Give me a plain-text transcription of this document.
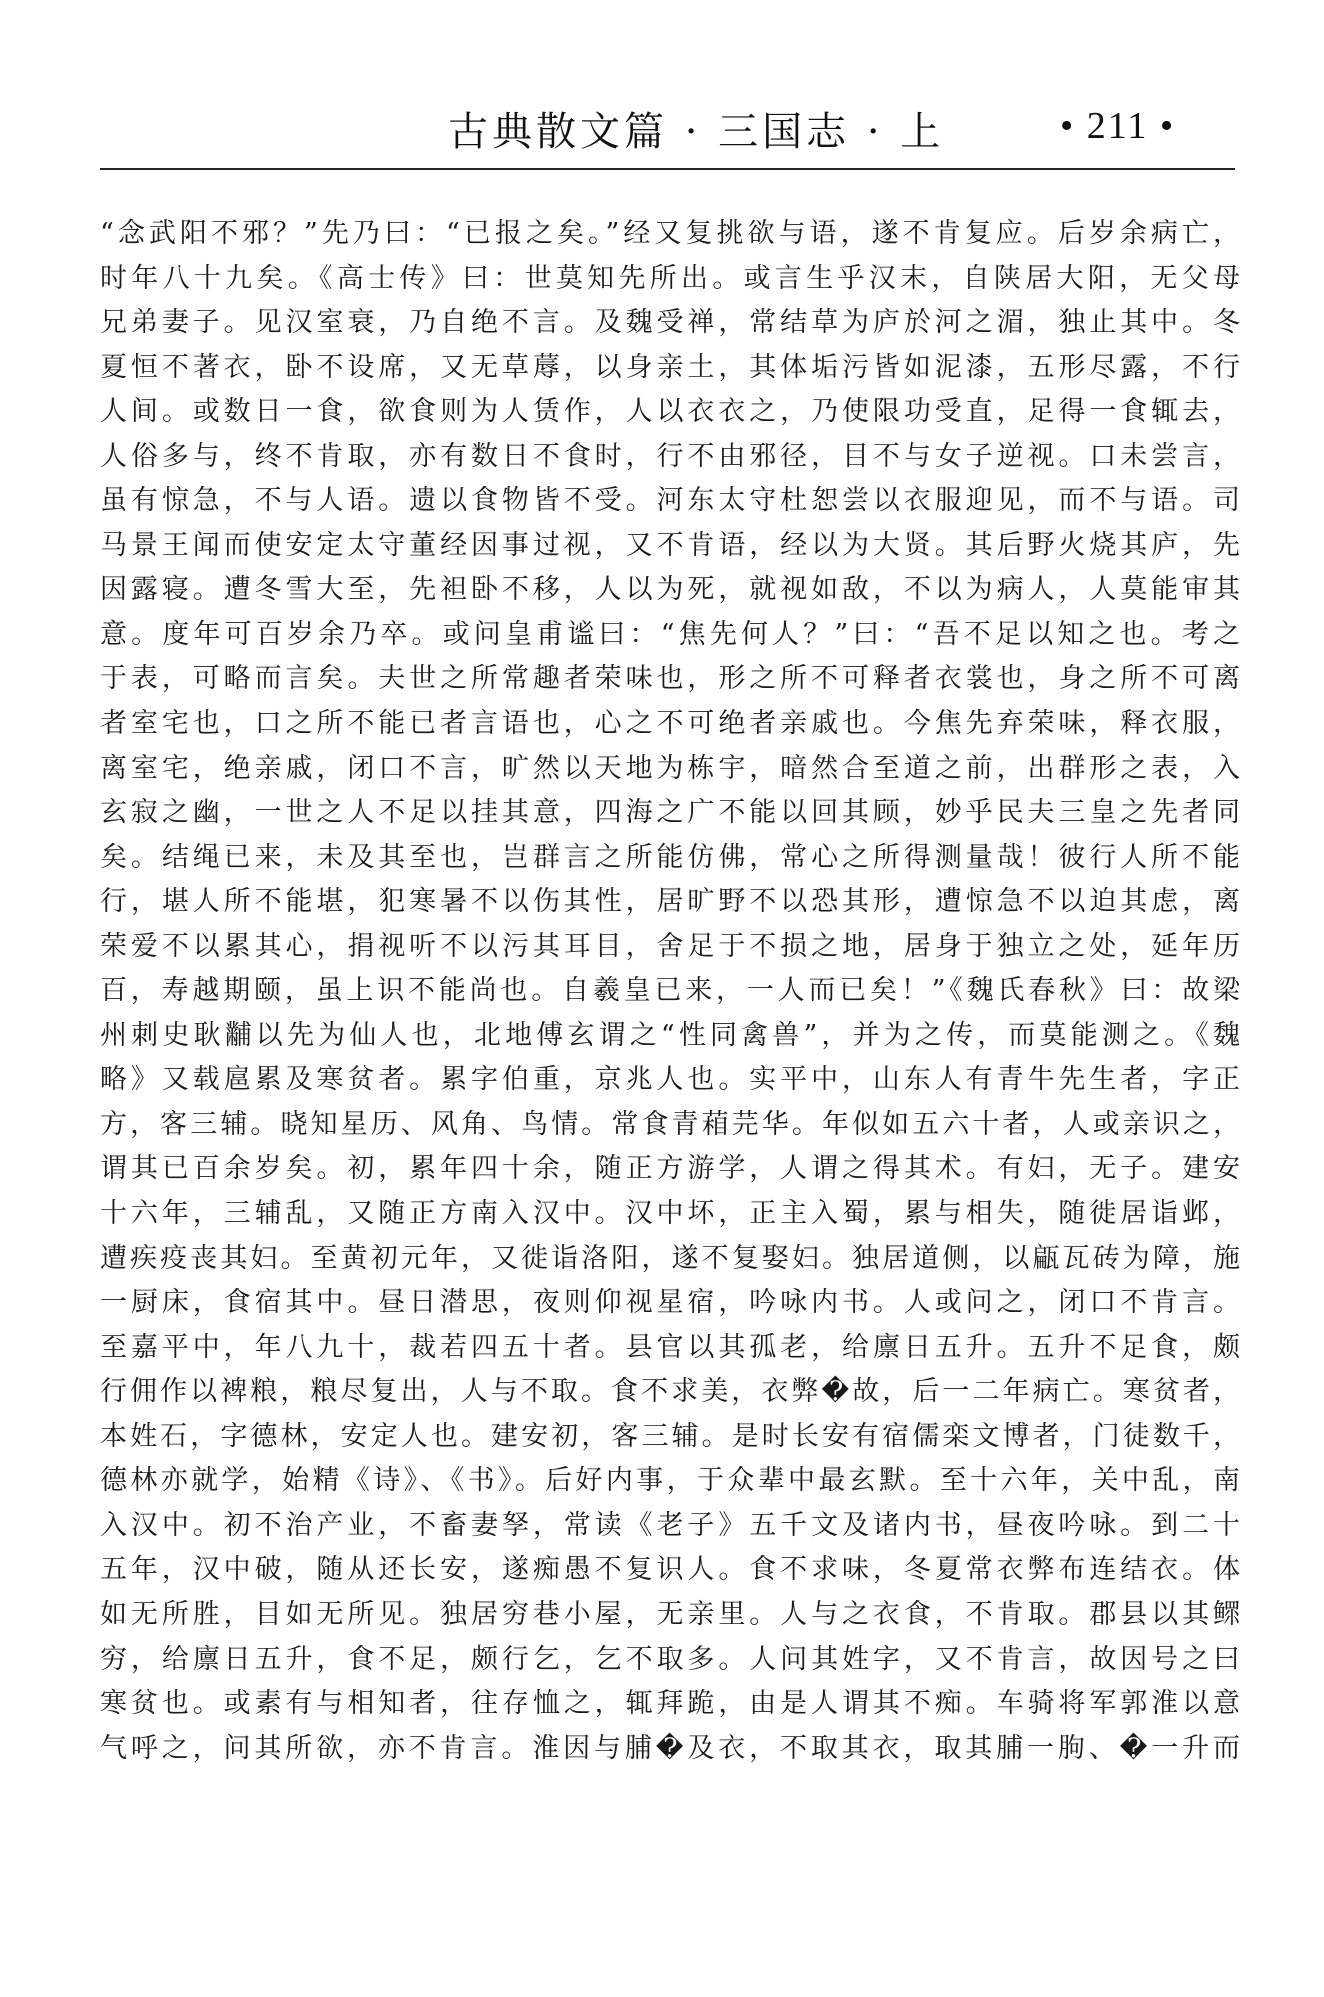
古典散文篇 · 三国志 · 上	• 211 •
“念武阳不邪？”先乃曰：“已报之矣。”经又复挑欲与语，遂不肯复应。后岁余病亡，
时年八十九矣。《高士传》曰：世莫知先所出。或言生乎汉末，自陕居大阳，无父母
兄弟妻子。见汉室衰，乃自绝不言。及魏受禅，常结草为庐於河之湄，独止其中。冬
夏恒不著衣，卧不设席，又无草蓐，以身亲土，其体垢污皆如泥漆，五形尽露，不行
人间。或数日一食，欲食则为人赁作，人以衣衣之，乃使限功受直，足得一食辄去，
人俗多与，终不肯取，亦有数日不食时，行不由邪径，目不与女子逆视。口未尝言，
虽有惊急，不与人语。遗以食物皆不受。河东太守杜恕尝以衣服迎见，而不与语。司
马景王闻而使安定太守董经因事过视，又不肯语，经以为大贤。其后野火烧其庐，先
因露寝。遭冬雪大至，先袒卧不移，人以为死，就视如敌，不以为病人，人莫能审其
意。度年可百岁余乃卒。或问皇甫谧曰：“焦先何人？”曰：“吾不足以知之也。考之
于表，可略而言矣。夫世之所常趣者荣味也，形之所不可释者衣裳也，身之所不可离
者室宅也，口之所不能已者言语也，心之不可绝者亲戚也。今焦先弃荣味，释衣服，
离室宅，绝亲戚，闭口不言，旷然以天地为栋宇，暗然合至道之前，出群形之表，入
玄寂之幽，一世之人不足以挂其意，四海之广不能以回其顾，妙乎民夫三皇之先者同
矣。结绳已来，未及其至也，岂群言之所能仿佛，常心之所得测量哉！彼行人所不能
行，堪人所不能堪，犯寒暑不以伤其性，居旷野不以恐其形，遭惊急不以迫其虑，离
荣爱不以累其心，捐视听不以污其耳目，舍足于不损之地，居身于独立之处，延年历
百，寿越期颐，虽上识不能尚也。自羲皇已来，一人而已矣！”《魏氏春秋》曰：故梁
州刺史耿黼以先为仙人也，北地傅玄谓之“性同禽兽”，并为之传，而莫能测之。《魏
略》又载扈累及寒贫者。累字伯重，京兆人也。实平中，山东人有青牛先生者，字正
方，客三辅。晓知星历、风角、鸟情。常食青葙芫华。年似如五六十者，人或亲识之，
谓其已百余岁矣。初，累年四十余，随正方游学，人谓之得其术。有妇，无子。建安
十六年，三辅乱，又随正方南入汉中。汉中坏，正主入蜀，累与相失，随徙居诣邺，
遭疾疫丧其妇。至黄初元年，又徙诣洛阳，遂不复娶妇。独居道侧，以甂瓦砖为障，施
一厨床，食宿其中。昼日潜思，夜则仰视星宿，吟咏内书。人或问之，闭口不肯言。
至嘉平中，年八九十，裁若四五十者。县官以其孤老，给廪日五升。五升不足食，颇
行佣作以裨粮，粮尽复出，人与不取。食不求美，衣弊�故，后一二年病亡。寒贫者，
本姓石，字德林，安定人也。建安初，客三辅。是时长安有宿儒栾文博者，门徒数千，
德林亦就学，始精《诗》、《书》。后好内事，于众辈中最玄默。至十六年，关中乱，南
入汉中。初不治产业，不畜妻孥，常读《老子》五千文及诸内书，昼夜吟咏。到二十
五年，汉中破，随从还长安，遂痴愚不复识人。食不求味，冬夏常衣弊布连结衣。体
如无所胜，目如无所见。独居穷巷小屋，无亲里。人与之衣食，不肯取。郡县以其鳏
穷，给廪日五升，食不足，颇行乞，乞不取多。人问其姓字，又不肯言，故因号之曰
寒贫也。或素有与相知者，往存恤之，辄拜跪，由是人谓其不痴。车骑将军郭淮以意
气呼之，问其所欲，亦不肯言。淮因与脯�及衣，不取其衣，取其脯一朐、�一升而
